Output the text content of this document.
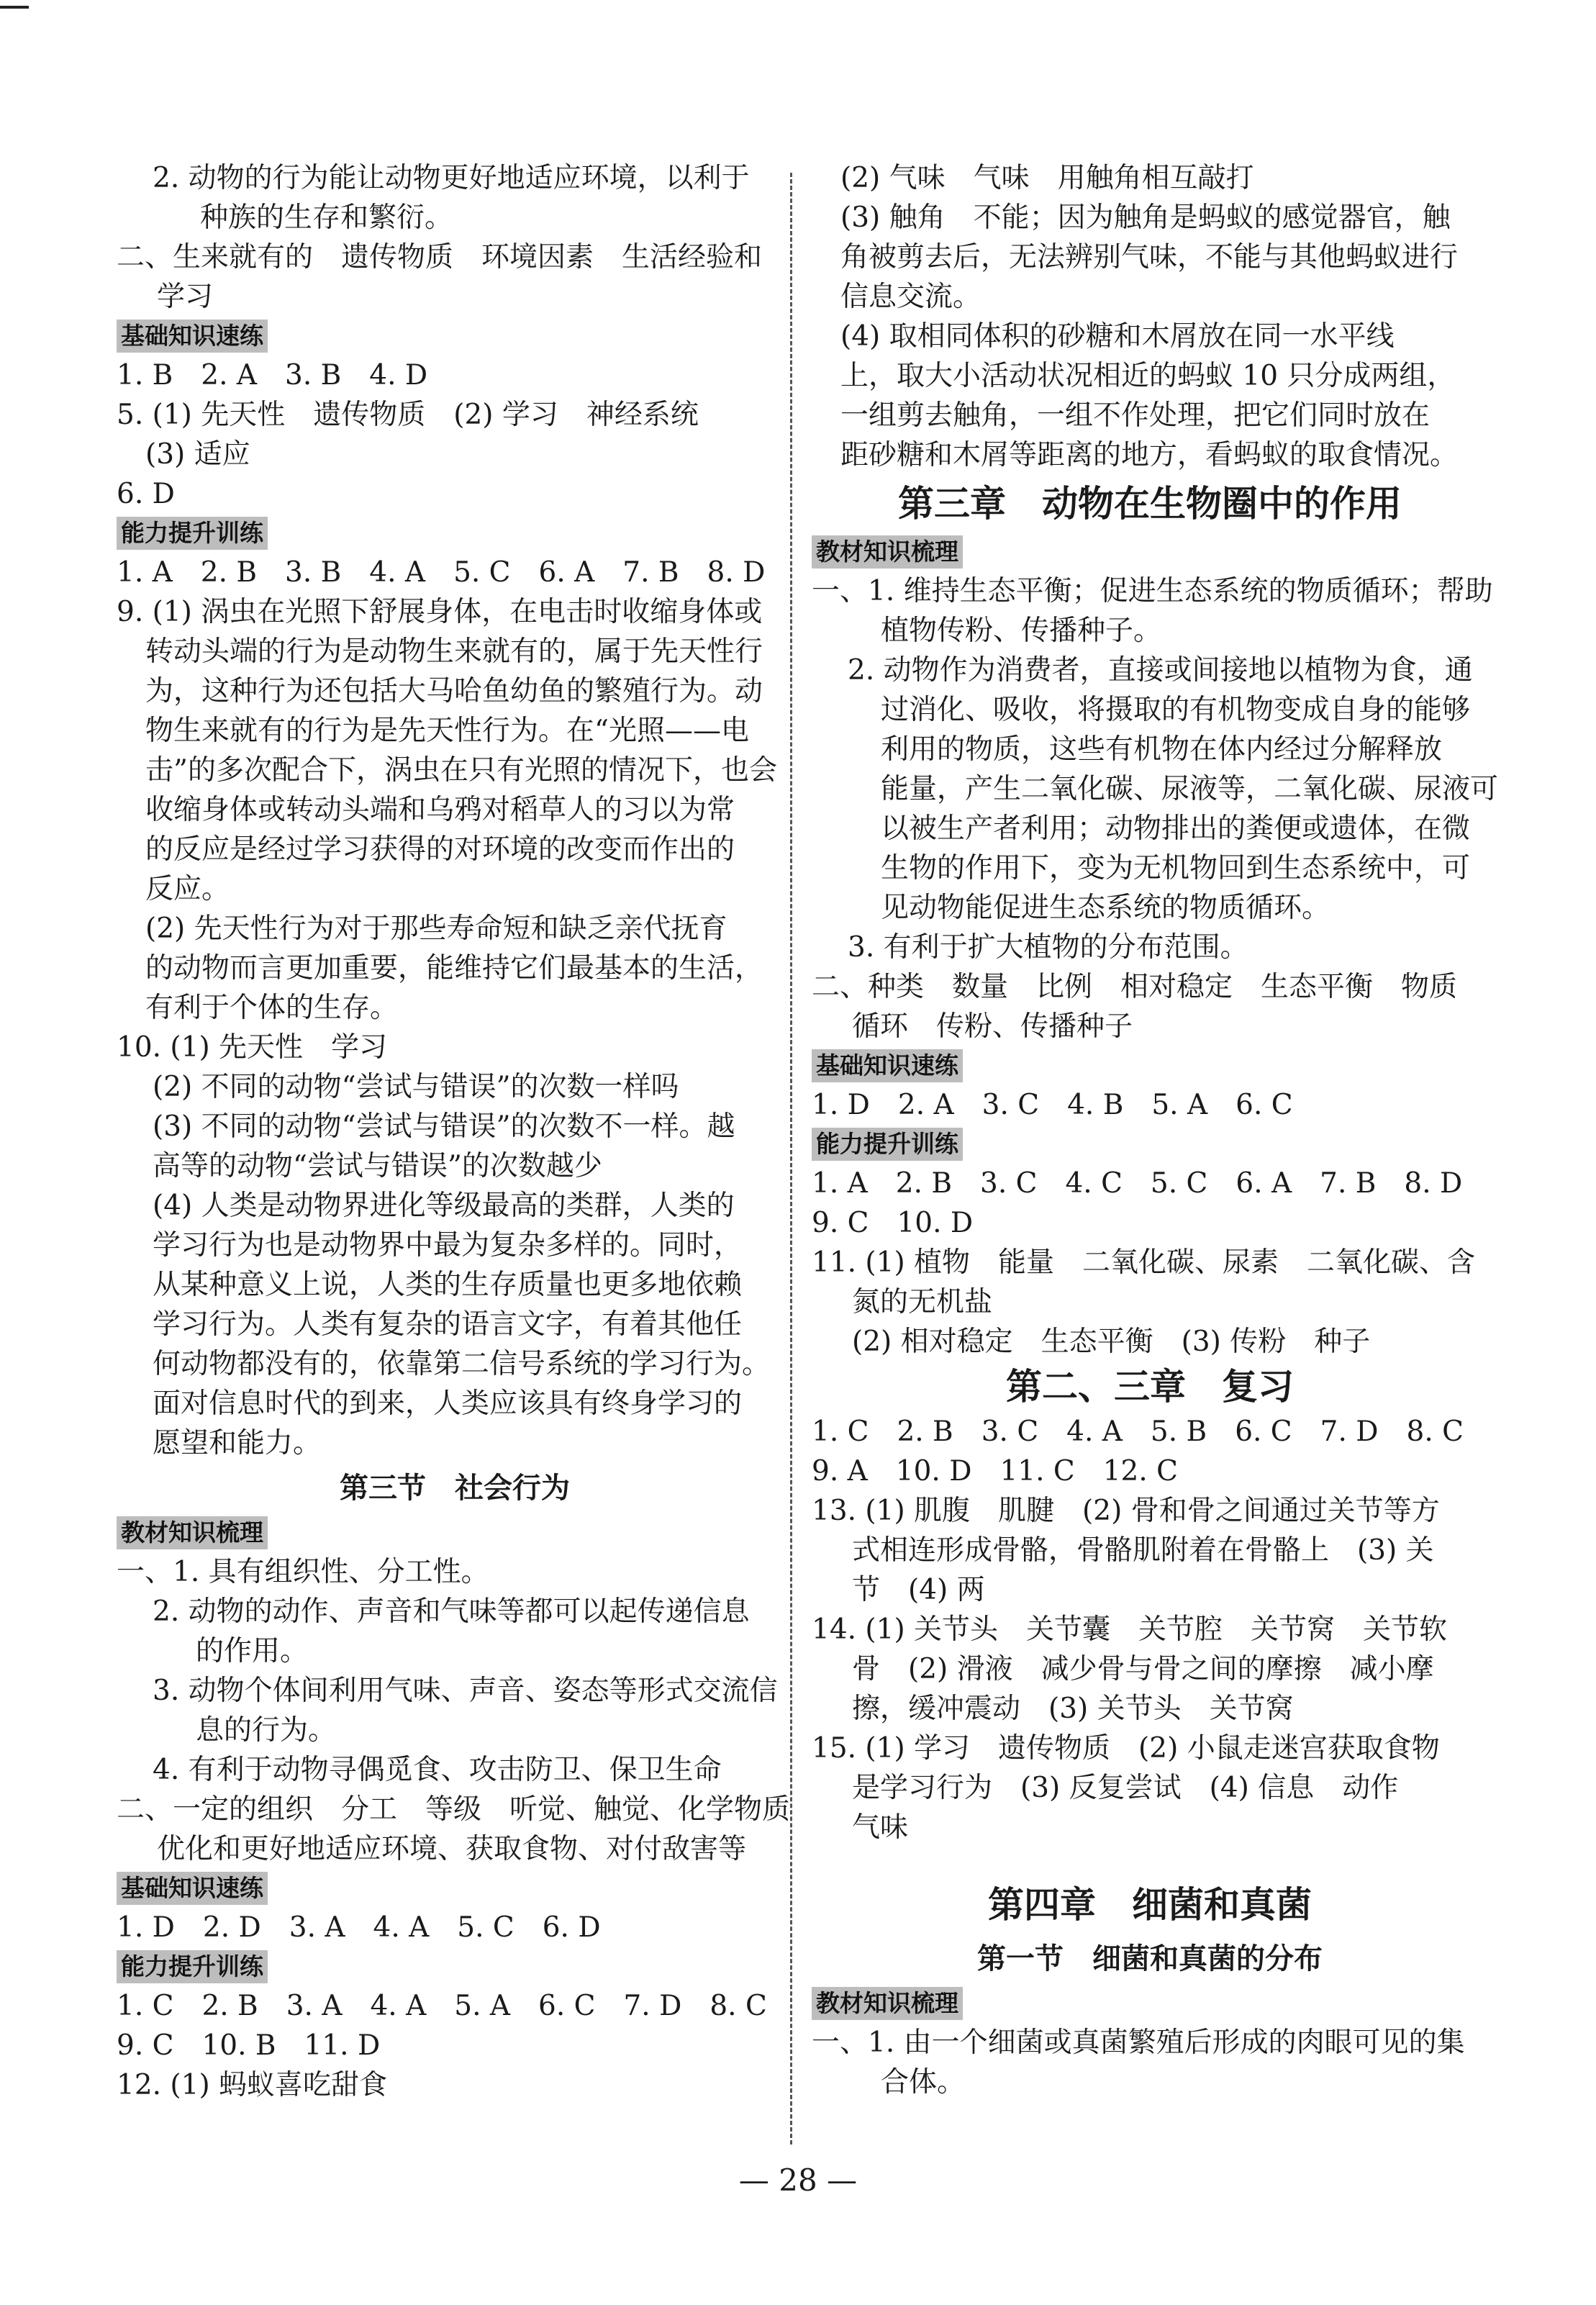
2. 动物的行为能让动物更好地适应环境，以利于
种族的生存和繁衍。
二、生来就有的　遗传物质　环境因素　生活经验和
学习
基础知识速练
1. B　2. A　3. B　4. D
5. (1) 先天性　遗传物质　(2) 学习　神经系统
(3) 适应
6. D
能力提升训练
1. A　2. B　3. B　4. A　5. C　6. A　7. B　8. D
9. (1) 涡虫在光照下舒展身体，在电击时收缩身体或
转动头端的行为是动物生来就有的，属于先天性行
为，这种行为还包括大马哈鱼幼鱼的繁殖行为。动
物生来就有的行为是先天性行为。在“光照——电
击”的多次配合下，涡虫在只有光照的情况下，也会
收缩身体或转动头端和乌鸦对稻草人的习以为常
的反应是经过学习获得的对环境的改变而作出的
反应。
(2) 先天性行为对于那些寿命短和缺乏亲代抚育
的动物而言更加重要，能维持它们最基本的生活，
有利于个体的生存。
10. (1) 先天性　学习
(2) 不同的动物“尝试与错误”的次数一样吗
(3) 不同的动物“尝试与错误”的次数不一样。越
高等的动物“尝试与错误”的次数越少
(4) 人类是动物界进化等级最高的类群，人类的
学习行为也是动物界中最为复杂多样的。同时，
从某种意义上说，人类的生存质量也更多地依赖
学习行为。人类有复杂的语言文字，有着其他任
何动物都没有的，依靠第二信号系统的学习行为。
面对信息时代的到来，人类应该具有终身学习的
愿望和能力。
第三节　社会行为
教材知识梳理
一、1. 具有组织性、分工性。
2. 动物的动作、声音和气味等都可以起传递信息
的作用。
3. 动物个体间利用气味、声音、姿态等形式交流信
息的行为。
4. 有利于动物寻偶觅食、攻击防卫、保卫生命
二、一定的组织　分工　等级　听觉、触觉、化学物质
优化和更好地适应环境、获取食物、对付敌害等
基础知识速练
1. D　2. D　3. A　4. A　5. C　6. D
能力提升训练
1. C　2. B　3. A　4. A　5. A　6. C　7. D　8. C
9. C　10. B　11. D
12. (1) 蚂蚁喜吃甜食
(2) 气味　气味　用触角相互敲打
(3) 触角　不能；因为触角是蚂蚁的感觉器官，触
角被剪去后，无法辨别气味，不能与其他蚂蚁进行
信息交流。
(4) 取相同体积的砂糖和木屑放在同一水平线
上，取大小活动状况相近的蚂蚁 10 只分成两组，
一组剪去触角，一组不作处理，把它们同时放在
距砂糖和木屑等距离的地方，看蚂蚁的取食情况。
第三章　动物在生物圈中的作用
教材知识梳理
一、1. 维持生态平衡；促进生态系统的物质循环；帮助
植物传粉、传播种子。
2. 动物作为消费者，直接或间接地以植物为食，通
过消化、吸收，将摄取的有机物变成自身的能够
利用的物质，这些有机物在体内经过分解释放
能量，产生二氧化碳、尿液等，二氧化碳、尿液可
以被生产者利用；动物排出的粪便或遗体，在微
生物的作用下，变为无机物回到生态系统中，可
见动物能促进生态系统的物质循环。
3. 有利于扩大植物的分布范围。
二、种类　数量　比例　相对稳定　生态平衡　物质
循环　传粉、传播种子
基础知识速练
1. D　2. A　3. C　4. B　5. A　6. C
能力提升训练
1. A　2. B　3. C　4. C　5. C　6. A　7. B　8. D
9. C　10. D
11. (1) 植物　能量　二氧化碳、尿素　二氧化碳、含
氮的无机盐
(2) 相对稳定　生态平衡　(3) 传粉　种子
第二、三章　复习
1. C　2. B　3. C　4. A　5. B　6. C　7. D　8. C
9. A　10. D　11. C　12. C
13. (1) 肌腹　肌腱　(2) 骨和骨之间通过关节等方
式相连形成骨骼，骨骼肌附着在骨骼上　(3) 关
节　(4) 两
14. (1) 关节头　关节囊　关节腔　关节窝　关节软
骨　(2) 滑液　减少骨与骨之间的摩擦　减小摩
擦，缓冲震动　(3) 关节头　关节窝
15. (1) 学习　遗传物质　(2) 小鼠走迷宫获取食物
是学习行为　(3) 反复尝试　(4) 信息　动作
气味
第四章　细菌和真菌
第一节　细菌和真菌的分布
教材知识梳理
一、1. 由一个细菌或真菌繁殖后形成的肉眼可见的集
合体。
— 28 —
